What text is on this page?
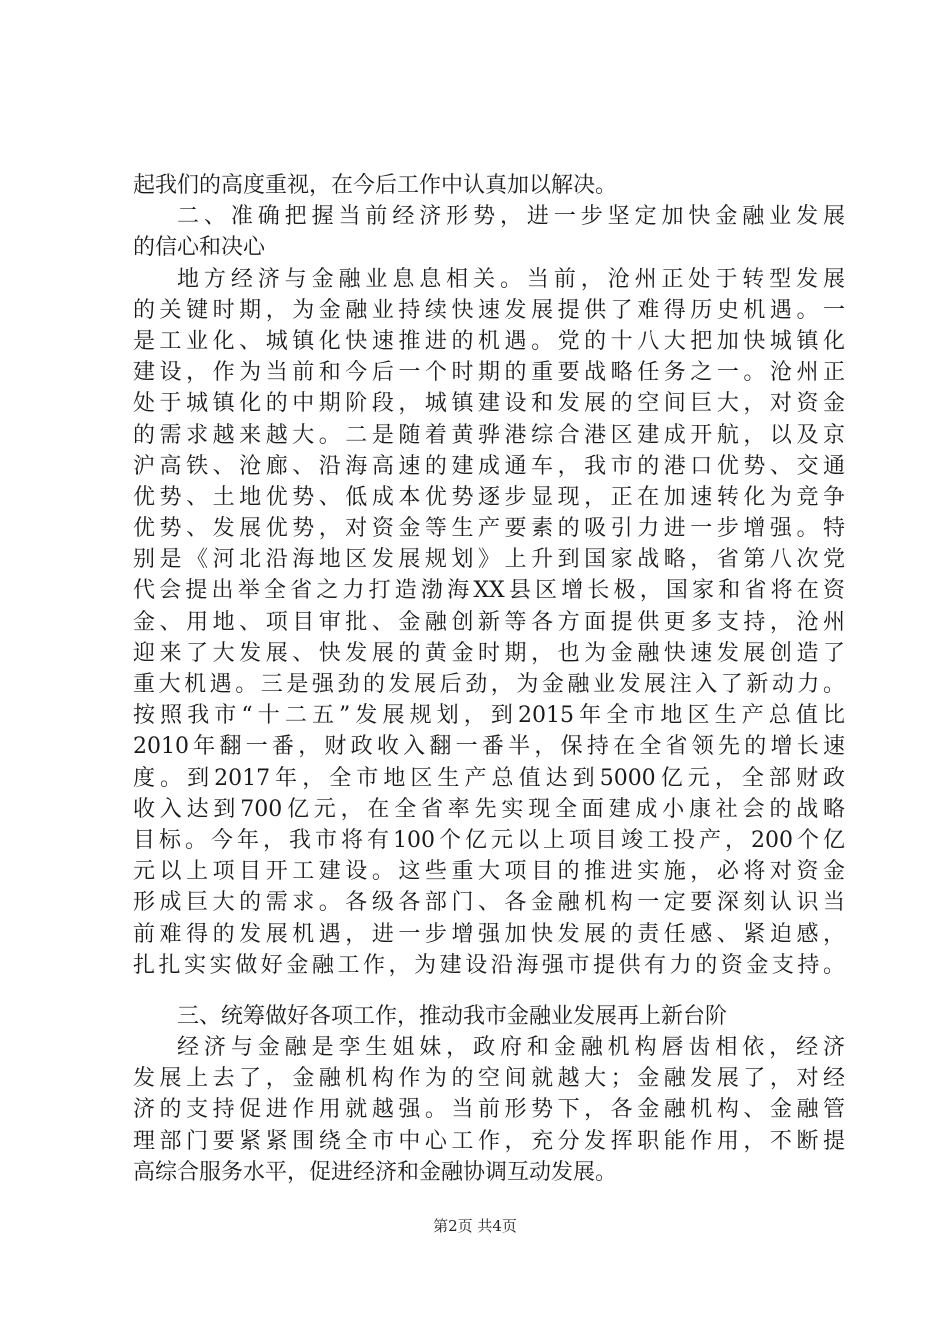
起我们的高度重视，在今后工作中认真加以解决。
二、准确把握当前经济形势，进一步坚定加快金融业发展
的信心和决心
地方经济与金融业息息相关。当前，沧州正处于转型发展
的关键时期，为金融业持续快速发展提供了难得历史机遇。一
是工业化、城镇化快速推进的机遇。党的十八大把加快城镇化
建设，作为当前和今后一个时期的重要战略任务之一。沧州正
处于城镇化的中期阶段，城镇建设和发展的空间巨大，对资金
的需求越来越大。二是随着黄骅港综合港区建成开航，以及京
沪高铁、沧廊、沿海高速的建成通车，我市的港口优势、交通
优势、土地优势、低成本优势逐步显现，正在加速转化为竞争
优势、发展优势，对资金等生产要素的吸引力进一步增强。特
别是《河北沿海地区发展规划》上升到国家战略，省第八次党
代会提出举全省之力打造渤海XX县区增长极，国家和省将在资
金、用地、项目审批、金融创新等各方面提供更多支持，沧州
迎来了大发展、快发展的黄金时期，也为金融快速发展创造了
重大机遇。三是强劲的发展后劲，为金融业发展注入了新动力。
按照我市“十二五”发展规划，到2015年全市地区生产总值比
2010年翻一番，财政收入翻一番半，保持在全省领先的增长速
度。到2017年，全市地区生产总值达到5000亿元，全部财政
收入达到700亿元，在全省率先实现全面建成小康社会的战略
目标。今年，我市将有100个亿元以上项目竣工投产，200个亿
元以上项目开工建设。这些重大项目的推进实施，必将对资金
形成巨大的需求。各级各部门、各金融机构一定要深刻认识当
前难得的发展机遇，进一步增强加快发展的责任感、紧迫感，
扎扎实实做好金融工作，为建设沿海强市提供有力的资金支持。
三、统筹做好各项工作，推动我市金融业发展再上新台阶
经济与金融是孪生姐妹，政府和金融机构唇齿相依，经济
发展上去了，金融机构作为的空间就越大；金融发展了，对经
济的支持促进作用就越强。当前形势下，各金融机构、金融管
理部门要紧紧围绕全市中心工作，充分发挥职能作用，不断提
高综合服务水平，促进经济和金融协调互动发展。
第2页 共4页
